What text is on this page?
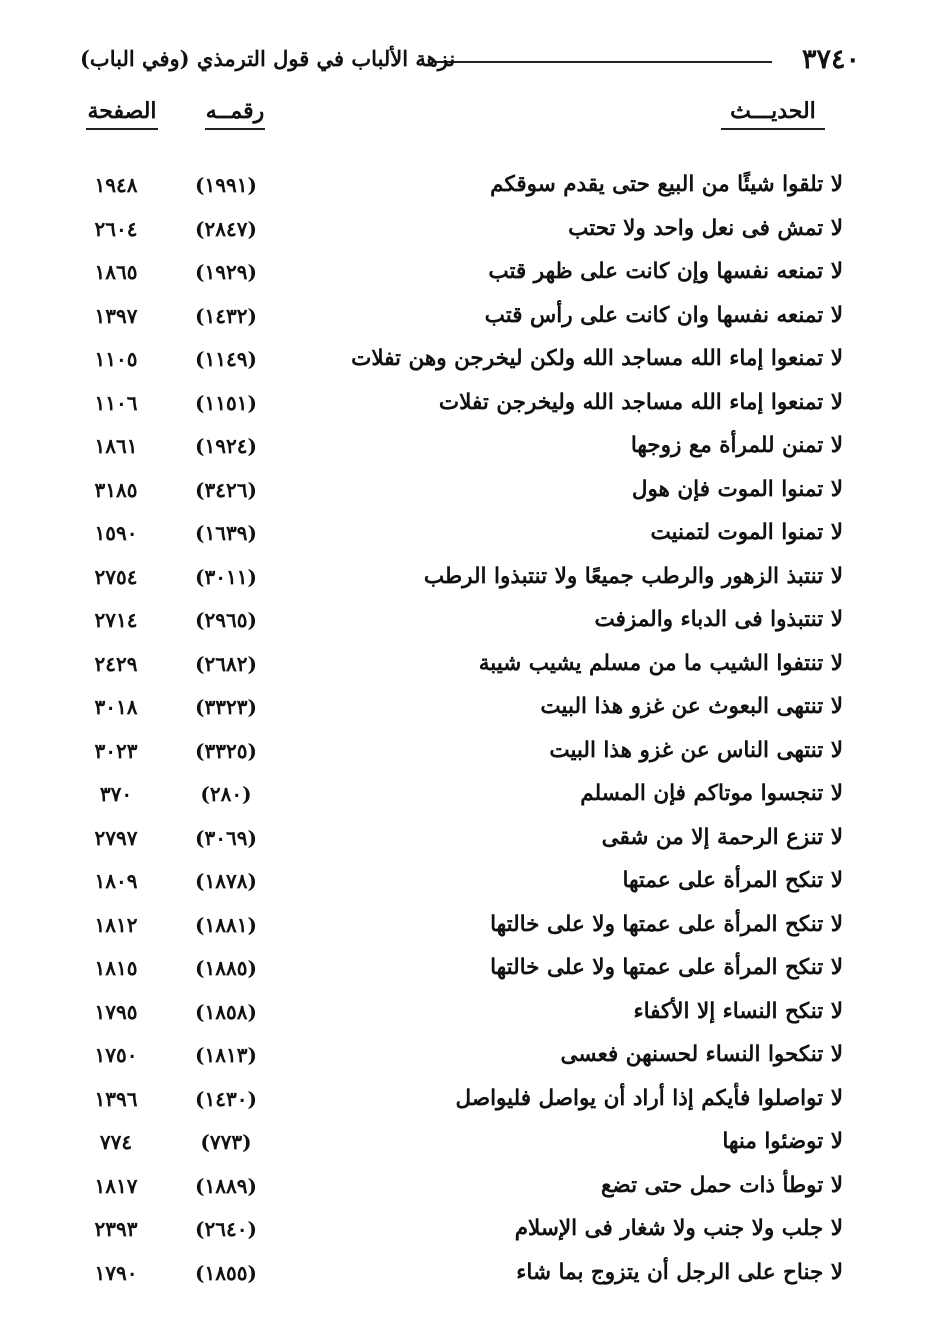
٣٧٤٠
نزهة الألباب في قول الترمذي (وفي الباب)
الحديـــث
رقمــه
الصفحة
لا تلقوا شيئًا من البيع حتى يقدم سوقكم
(١٩٩١)
١٩٤٨
لا تمش فى نعل واحد ولا تحتب
(٢٨٤٧)
٢٦٠٤
لا تمنعه نفسها وإن كانت على ظهر قتب
(١٩٢٩)
١٨٦٥
لا تمنعه نفسها وان كانت على رأس قتب
(١٤٣٢)
١٣٩٧
لا تمنعوا إماء الله مساجد الله ولكن ليخرجن وهن تفلات
(١١٤٩)
١١٠٥
لا تمنعوا إماء الله مساجد الله وليخرجن تفلات
(١١٥١)
١١٠٦
لا تمنن للمرأة مع زوجها
(١٩٢٤)
١٨٦١
لا تمنوا الموت فإن هول
(٣٤٢٦)
٣١٨٥
لا تمنوا الموت لتمنيت
(١٦٣٩)
١٥٩٠
لا تنتبذ الزهور والرطب جميعًا ولا تنتبذوا الرطب
(٣٠١١)
٢٧٥٤
لا تنتبذوا فى الدباء والمزفت
(٢٩٦٥)
٢٧١٤
لا تنتفوا الشيب ما من مسلم يشيب شيبة
(٢٦٨٢)
٢٤٢٩
لا تنتهى البعوث عن غزو هذا البيت
(٣٣٢٣)
٣٠١٨
لا تنتهى الناس عن غزو هذا البيت
(٣٣٢٥)
٣٠٢٣
لا تنجسوا موتاكم فإن المسلم
(٢٨٠)
٣٧٠
لا تنزع الرحمة إلا من شقى
(٣٠٦٩)
٢٧٩٧
لا تنكح المرأة على عمتها
(١٨٧٨)
١٨٠٩
لا تنكح المرأة على عمتها ولا على خالتها
(١٨٨١)
١٨١٢
لا تنكح المرأة على عمتها ولا على خالتها
(١٨٨٥)
١٨١٥
لا تنكح النساء إلا الأكفاء
(١٨٥٨)
١٧٩٥
لا تنكحوا النساء لحسنهن فعسى
(١٨١٣)
١٧٥٠
لا تواصلوا فأيكم إذا أراد أن يواصل فليواصل
(١٤٣٠)
١٣٩٦
لا توضئوا منها
(٧٧٣)
٧٧٤
لا توطأ ذات حمل حتى تضع
(١٨٨٩)
١٨١٧
لا جلب ولا جنب ولا شغار فى الإسلام
(٢٦٤٠)
٢٣٩٣
لا جناح على الرجل أن يتزوج بما شاء
(١٨٥٥)
١٧٩٠
